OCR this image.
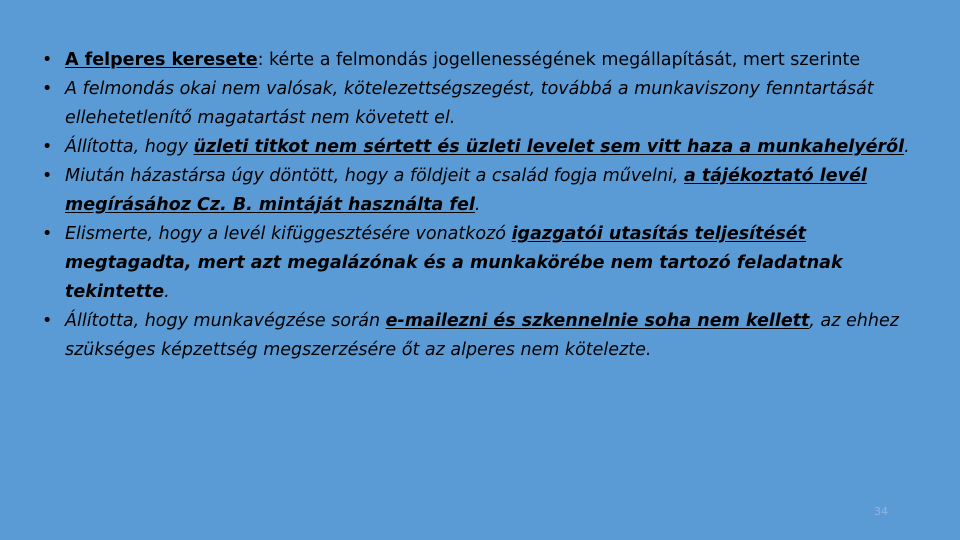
• A felperes keresete: kérte a felmondás jogellenességének megállapítását, mert szerinte
• A felmondás okai nem valósak, kötelezettségszegést, továbbá a munkaviszony fenntartását ellehetetlenítő magatartást nem követett el.
• Állította, hogy üzleti titkot nem sértett és üzleti levelet sem vitt haza a munkahelyéről.
• Miután házastársa úgy döntött, hogy a földjeit a család fogja művelni, a tájékoztató levél megírásához Cz. B. mintáját használta fel.
• Elismerte, hogy a levél kifüggesztésére vonatkozó igazgatói utasítás teljesítését megtagadta, mert azt megalázónak és a munkakörébe nem tartozó feladatnak tekintette.
• Állította, hogy munkavégzése során e-mailezni és szkennelnie soha nem kellett, az ehhez szükséges képzettség megszerzésére őt az alperes nem kötelezte.
34
